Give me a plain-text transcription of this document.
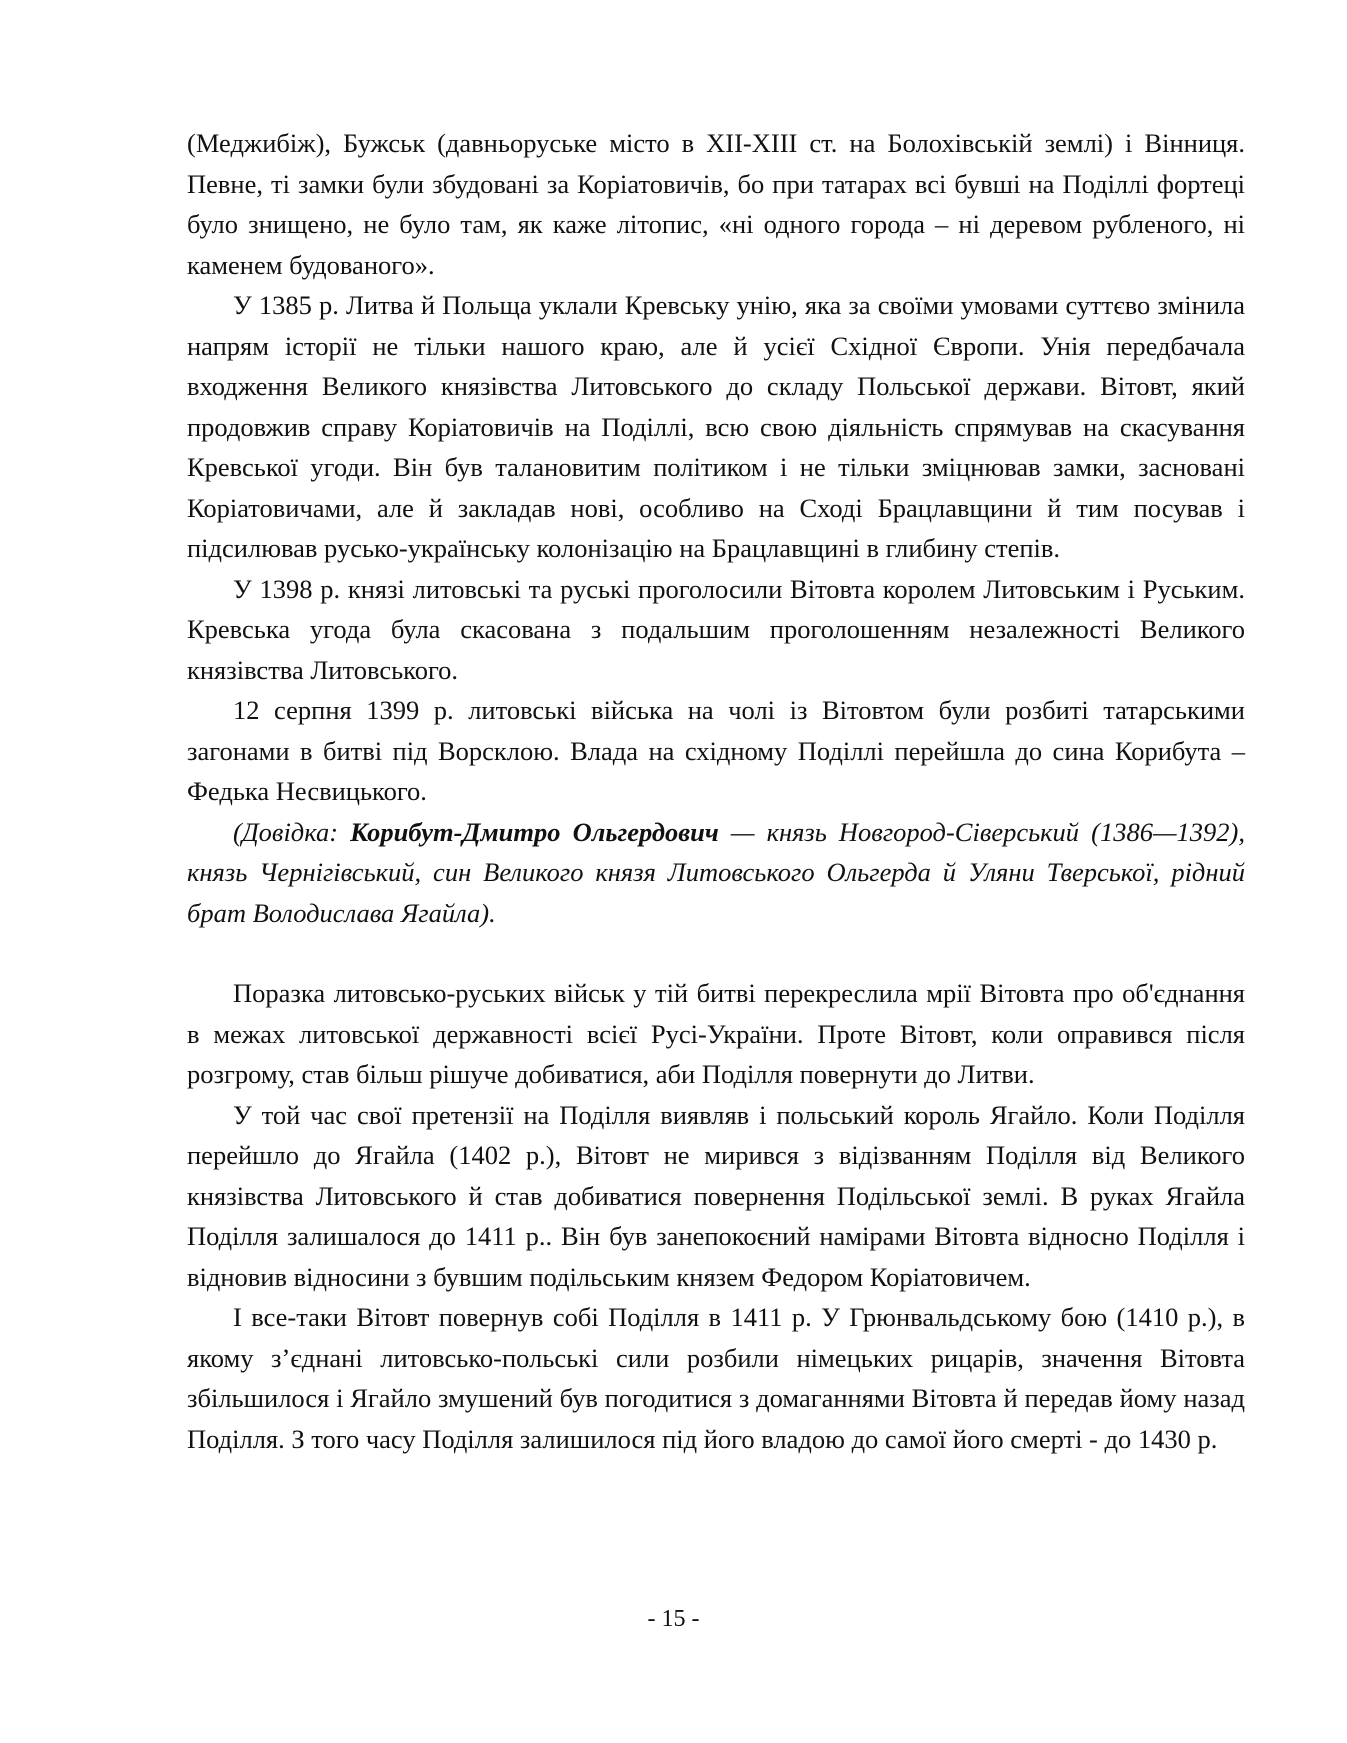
(Меджибіж), Бужськ (давньоруське місто в XII-XIII ст. на Болохівській землі) і Вінниця. Певне, ті замки були збудовані за Коріатовичів, бо при татарах всі бувші на Поділлі фортеці було знищено, не було там, як каже літопис, «ні одного города – ні деревом рубленого, ні каменем будованого».

У 1385 р. Литва й Польща уклали Кревську унію, яка за своїми умовами суттєво змінила напрям історії не тільки нашого краю, але й усієї Східної Європи. Унія передбачала входження Великого князівства Литовського до складу Польської держави. Вітовт, який продовжив справу Коріатовичів на Поділлі, всю свою діяльність спрямував на скасування Кревської угоди. Він був талановитим політиком і не тільки зміцнював замки, засновані Коріатовичами, але й закладав нові, особливо на Сході Брацлавщини й тим посував і підсилював русько-українську колонізацію на Брацлавщині в глибину степів.

У 1398 р. князі литовські та руські проголосили Вітовта королем Литовським і Руським. Кревська угода була скасована з подальшим проголошенням незалежності Великого князівства Литовського.

12 серпня 1399 р. литовські війська на чолі із Вітовтом були розбиті татарськими загонами в битві під Ворсклою. Влада на східному Поділлі перейшла до сина Корибута – Федька Несвицького.

(Довідка: Корибут-Дмитро Ольгердович — князь Новгород-Сіверський (1386—1392), князь Чернігівський, син Великого князя Литовського Ольгерда й Уляни Тверської, рідний брат Володислава Ягайла).

Поразка литовсько-руських військ у тій битві перекреслила мрії Вітовта про об'єднання в межах литовської державності всієї Русі-України. Проте Вітовт, коли оправився після розгрому, став більш рішуче добиватися, аби Поділля повернути до Литви.

У той час свої претензії на Поділля виявляв і польський король Ягайло. Коли Поділля перейшло до Ягайла (1402 р.), Вітовт не мирився з відізванням Поділля від Великого князівства Литовського й став добиватися повернення Подільської землі. В руках Ягайла Поділля залишалося до 1411 р.. Він був занепокоєний намірами Вітовта відносно Поділля і відновив відносини з бувшим подільським князем Федором Коріатовичем.

І все-таки Вітовт повернув собі Поділля в 1411 р. У Грюнвальдському бою (1410 р.), в якому з’єднані литовсько-польські сили розбили німецьких рицарів, значення Вітовта збільшилося і Ягайло змушений був погодитися з домаганнями Вітовта й передав йому назад Поділля. З того часу Поділля залишилося під його владою до самої його смерті - до 1430 р.

- 15 -
